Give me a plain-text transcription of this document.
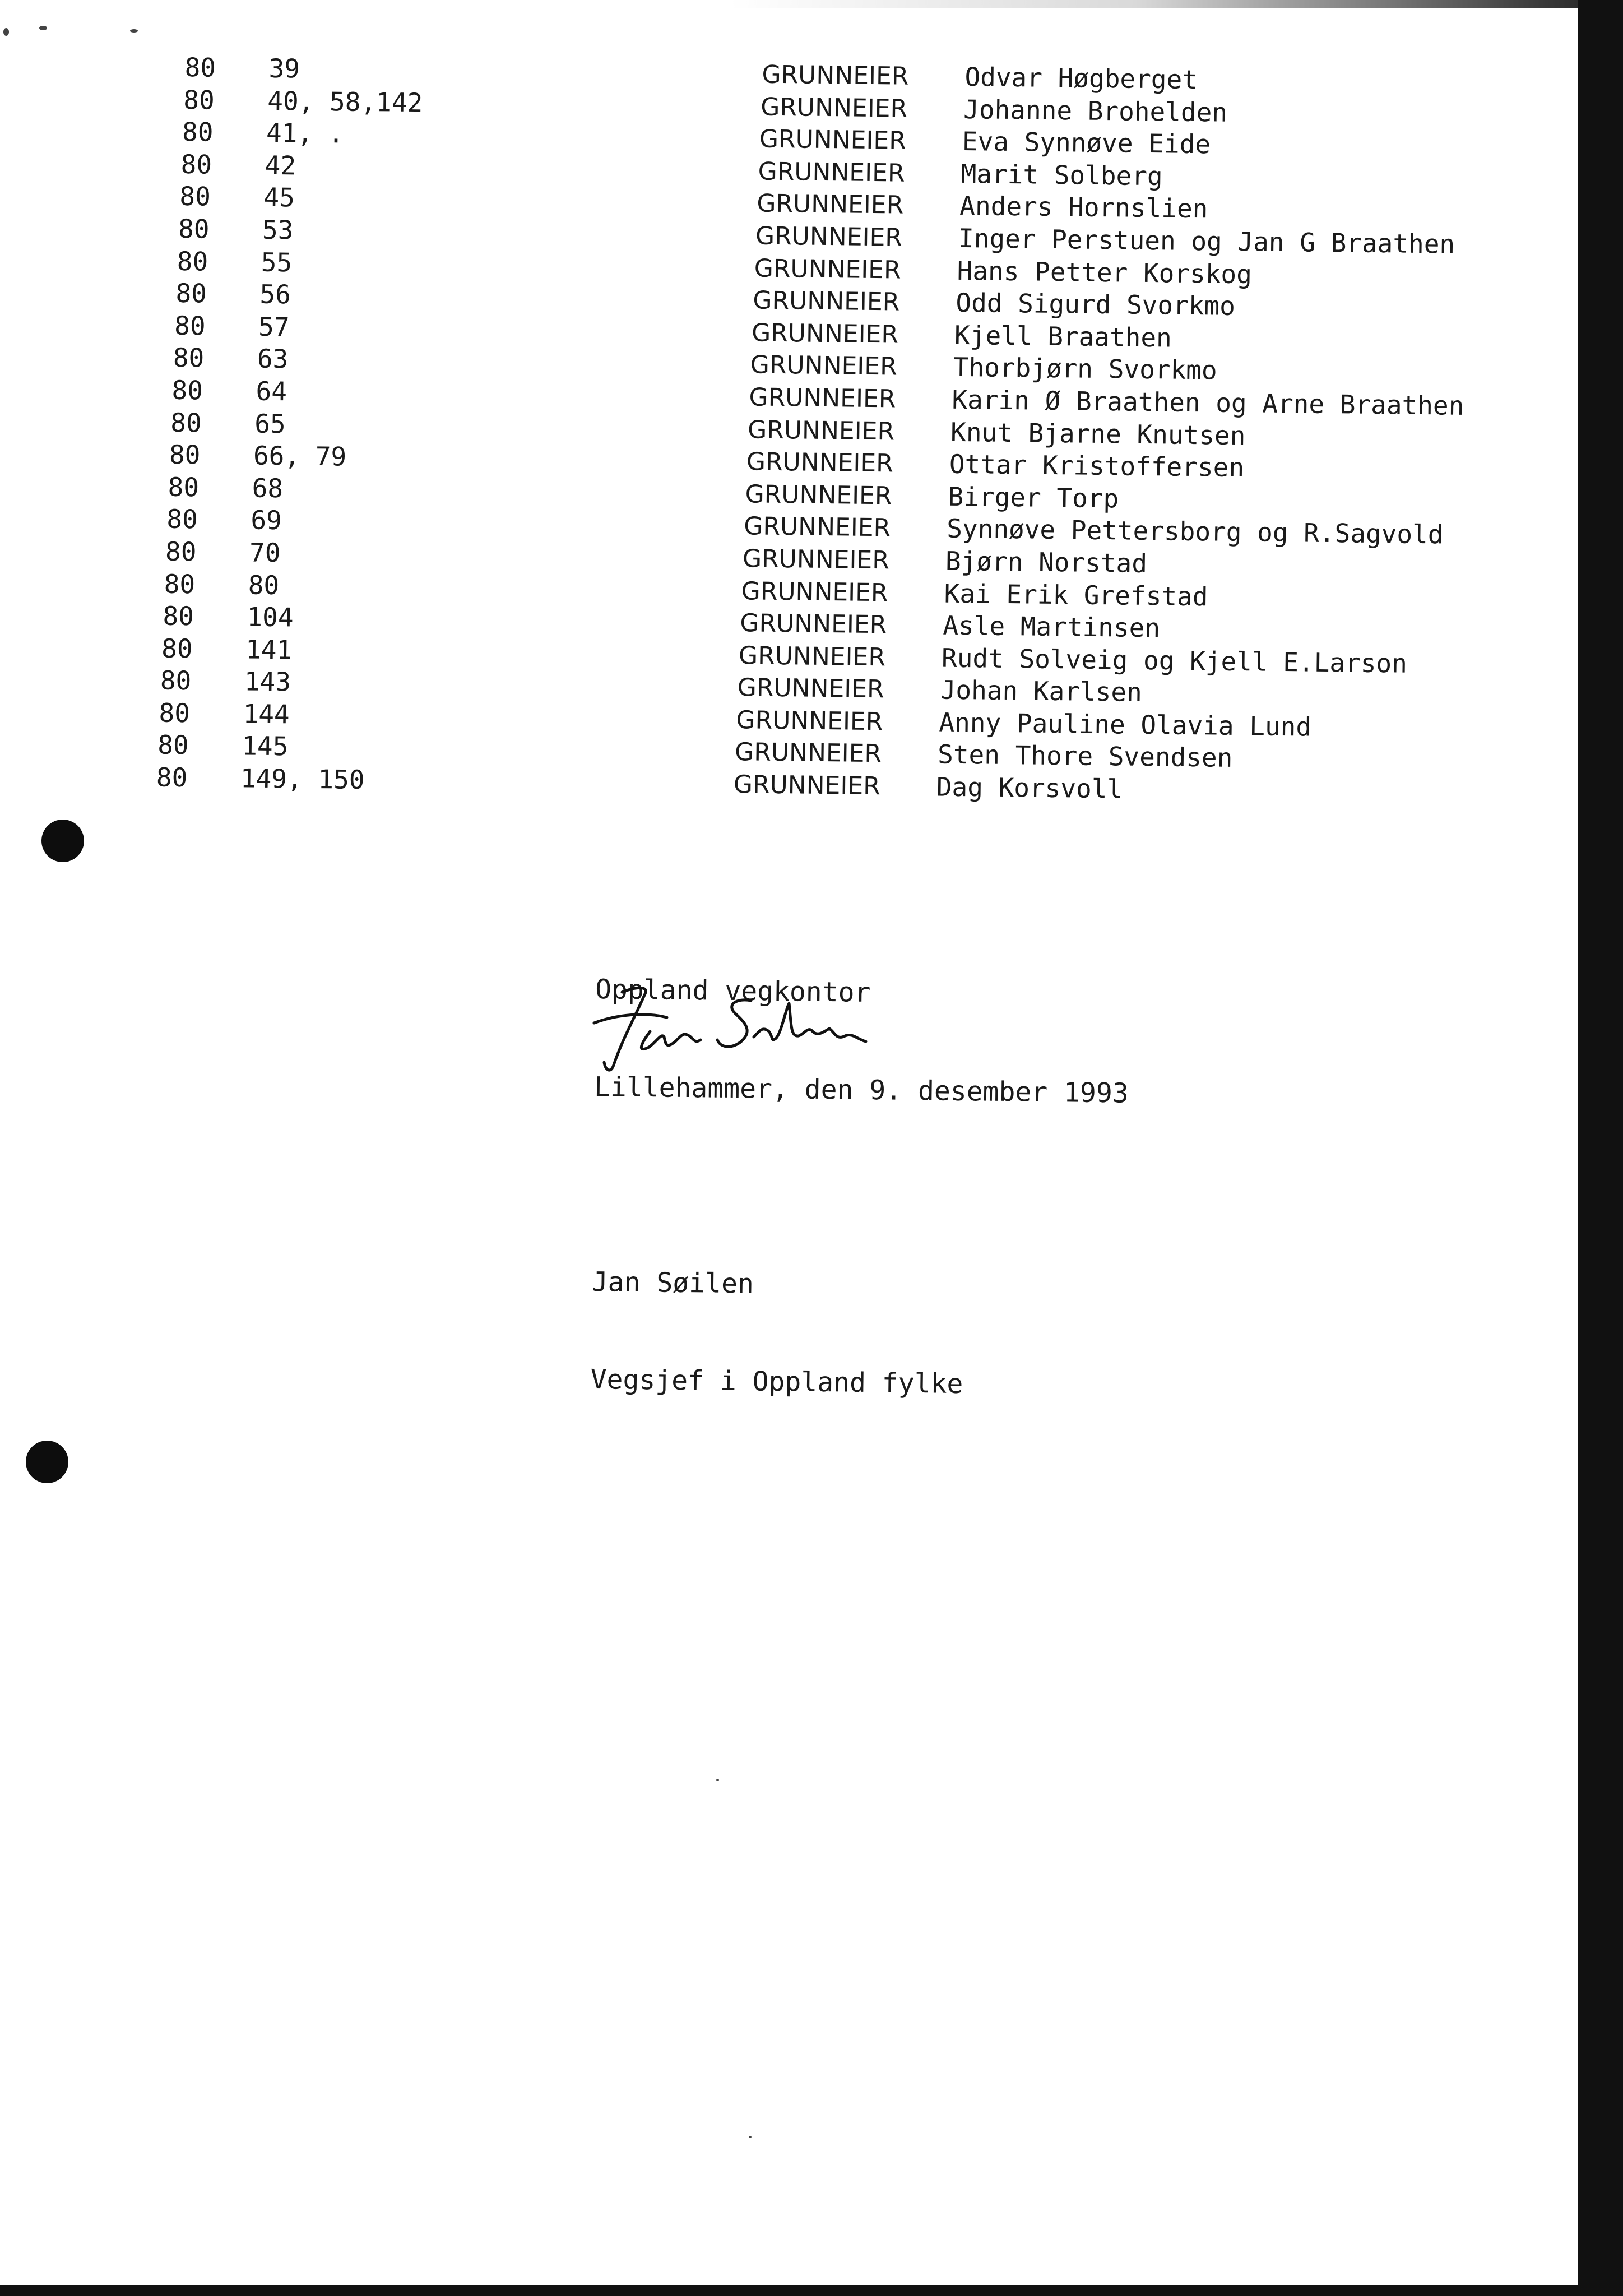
80 39	GRUNNEIER Odvar Høgberget
80 40, 58,142	GRUNNEIER Johanne Brohelden
80 41, .	GRUNNEIER Eva Synnøve Eide
80 42	GRUNNEIER Marit Solberg
80 45	GRUNNEIER Anders Hornslien
80 53	GRUNNEIER Inger Perstuen og Jan G Braathen
80 55	GRUNNEIER Hans Petter Korskog
80 56	GRUNNEIER Odd Sigurd Svorkmo
80 57	GRUNNEIER Kjell Braathen
80 63	GRUNNEIER Thorbjørn Svorkmo
80 64	GRUNNEIER Karin Ø Braathen og Arne Braathen
80 65	GRUNNEIER Knut Bjarne Knutsen
80 66, 79	GRUNNEIER Ottar Kristoffersen
80 68	GRUNNEIER Birger Torp
80 69	GRUNNEIER Synnøve Pettersborg og R.Sagvold
80 70	GRUNNEIER Bjørn Norstad
80 80	GRUNNEIER Kai Erik Grefstad
80 104	GRUNNEIER Asle Martinsen
80 141	GRUNNEIER Rudt Solveig og Kjell E.Larson
80 143	GRUNNEIER Johan Karlsen
80 144	GRUNNEIER Anny Pauline Olavia Lund
80 145	GRUNNEIER Sten Thore Svendsen
80 149, 150	GRUNNEIER Dag Korsvoll

Oppland vegkontor

Lillehammer, den 9. desember 1993

Jan Søilen

Vegsjef i Oppland fylke
